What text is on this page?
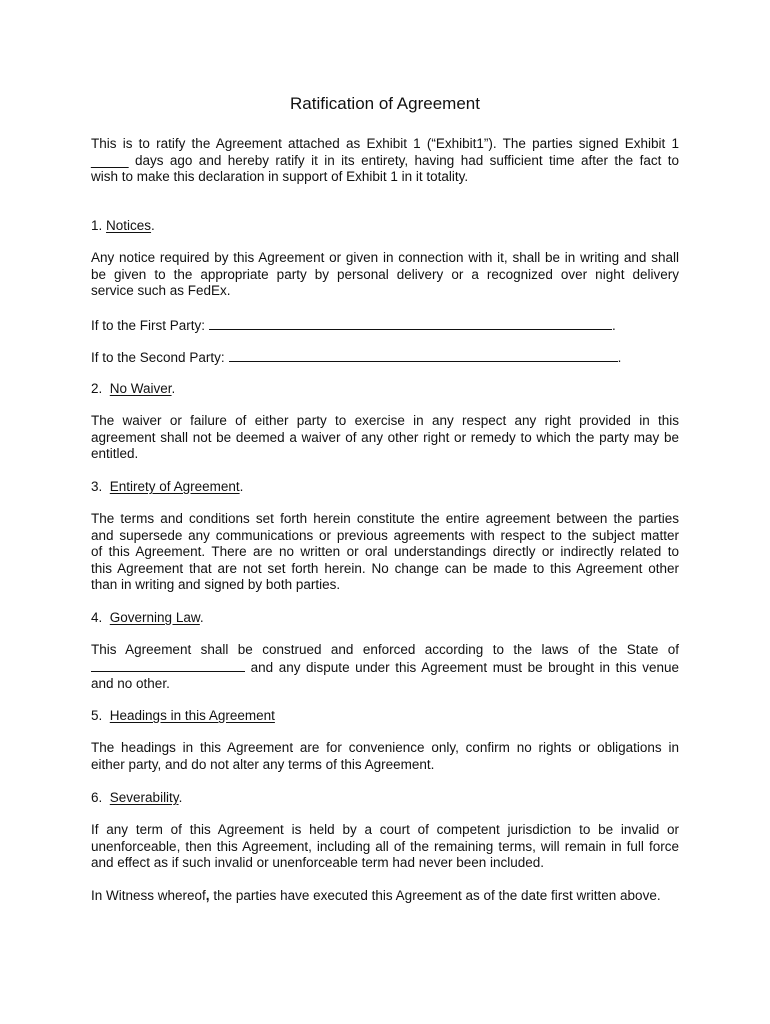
Ratification of Agreement
This is to ratify the Agreement attached as Exhibit 1 (“Exhibit1”). The parties signed Exhibit 1
_____ days ago and hereby ratify it in its entirety, having had sufficient time after the fact to
wish to make this declaration in support of Exhibit 1 in it totality.
1. Notices.
Any notice required by this Agreement or given in connection with it, shall be in writing and shall
be given to the appropriate party by personal delivery or a recognized over night delivery
service such as FedEx.
If to the First Party:	.
If to the Second Party:	.
2. No Waiver.
The waiver or failure of either party to exercise in any respect any right provided in this
agreement shall not be deemed a waiver of any other right or remedy to which the party may be
entitled.
3. Entirety of Agreement.
The terms and conditions set forth herein constitute the entire agreement between the parties
and supersede any communications or previous agreements with respect to the subject matter
of this Agreement. There are no written or oral understandings directly or indirectly related to
this Agreement that are not set forth herein. No change can be made to this Agreement other
than in writing and signed by both parties.
4. Governing Law.
This Agreement shall be construed and enforced according to the laws of the State of
and any dispute under this Agreement must be brought in this venue
and no other.
5. Headings in this Agreement
The headings in this Agreement are for convenience only, confirm no rights or obligations in
either party, and do not alter any terms of this Agreement.
6. Severability.
If any term of this Agreement is held by a court of competent jurisdiction to be invalid or
unenforceable, then this Agreement, including all of the remaining terms, will remain in full force
and effect as if such invalid or unenforceable term had never been included.
In Witness whereof, the parties have executed this Agreement as of the date first written above.
